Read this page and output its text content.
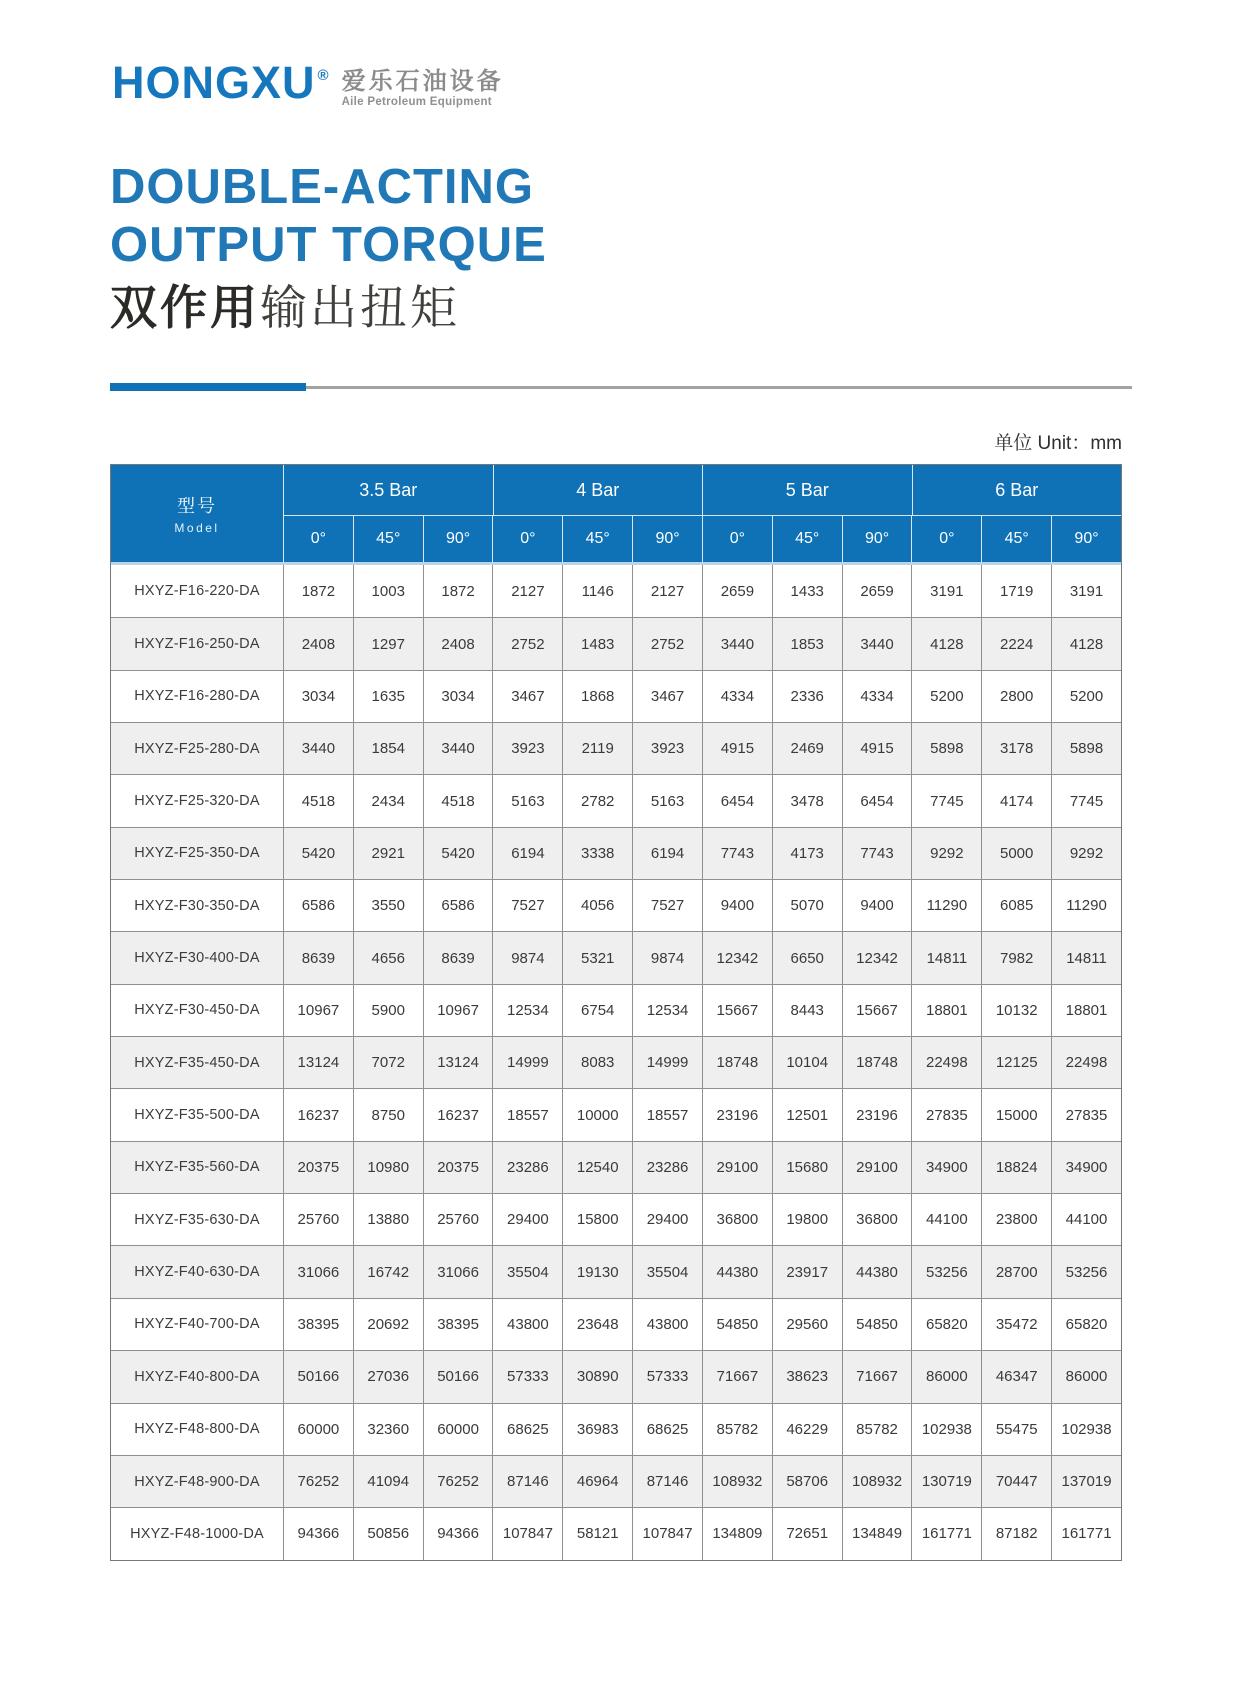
HONGXU ® 爱乐石油设备
Aile Petroleum Equipment
DOUBLE-ACTING
OUTPUT TORQUE
双作用输出扭矩
单位 Unit：mm
型号
Model
3.5 Bar	4 Bar	5 Bar	6 Bar
0°	45°	90°	0°	45°	90°	0°	45°	90°	0°	45°	90°
HXYZ-F16-220-DA	1872	1003	1872	2127	1146	2127	2659	1433	2659	3191	1719	3191
HXYZ-F16-250-DA	2408	1297	2408	2752	1483	2752	3440	1853	3440	4128	2224	4128
HXYZ-F16-280-DA	3034	1635	3034	3467	1868	3467	4334	2336	4334	5200	2800	5200
HXYZ-F25-280-DA	3440	1854	3440	3923	2119	3923	4915	2469	4915	5898	3178	5898
HXYZ-F25-320-DA	4518	2434	4518	5163	2782	5163	6454	3478	6454	7745	4174	7745
HXYZ-F25-350-DA	5420	2921	5420	6194	3338	6194	7743	4173	7743	9292	5000	9292
HXYZ-F30-350-DA	6586	3550	6586	7527	4056	7527	9400	5070	9400	11290	6085	11290
HXYZ-F30-400-DA	8639	4656	8639	9874	5321	9874	12342	6650	12342	14811	7982	14811
HXYZ-F30-450-DA	10967	5900	10967	12534	6754	12534	15667	8443	15667	18801	10132	18801
HXYZ-F35-450-DA	13124	7072	13124	14999	8083	14999	18748	10104	18748	22498	12125	22498
HXYZ-F35-500-DA	16237	8750	16237	18557	10000	18557	23196	12501	23196	27835	15000	27835
HXYZ-F35-560-DA	20375	10980	20375	23286	12540	23286	29100	15680	29100	34900	18824	34900
HXYZ-F35-630-DA	25760	13880	25760	29400	15800	29400	36800	19800	36800	44100	23800	44100
HXYZ-F40-630-DA	31066	16742	31066	35504	19130	35504	44380	23917	44380	53256	28700	53256
HXYZ-F40-700-DA	38395	20692	38395	43800	23648	43800	54850	29560	54850	65820	35472	65820
HXYZ-F40-800-DA	50166	27036	50166	57333	30890	57333	71667	38623	71667	86000	46347	86000
HXYZ-F48-800-DA	60000	32360	60000	68625	36983	68625	85782	46229	85782	102938	55475	102938
HXYZ-F48-900-DA	76252	41094	76252	87146	46964	87146	108932	58706	108932	130719	70447	137019
HXYZ-F48-1000-DA	94366	50856	94366	107847	58121	107847	134809	72651	134849	161771	87182	161771
